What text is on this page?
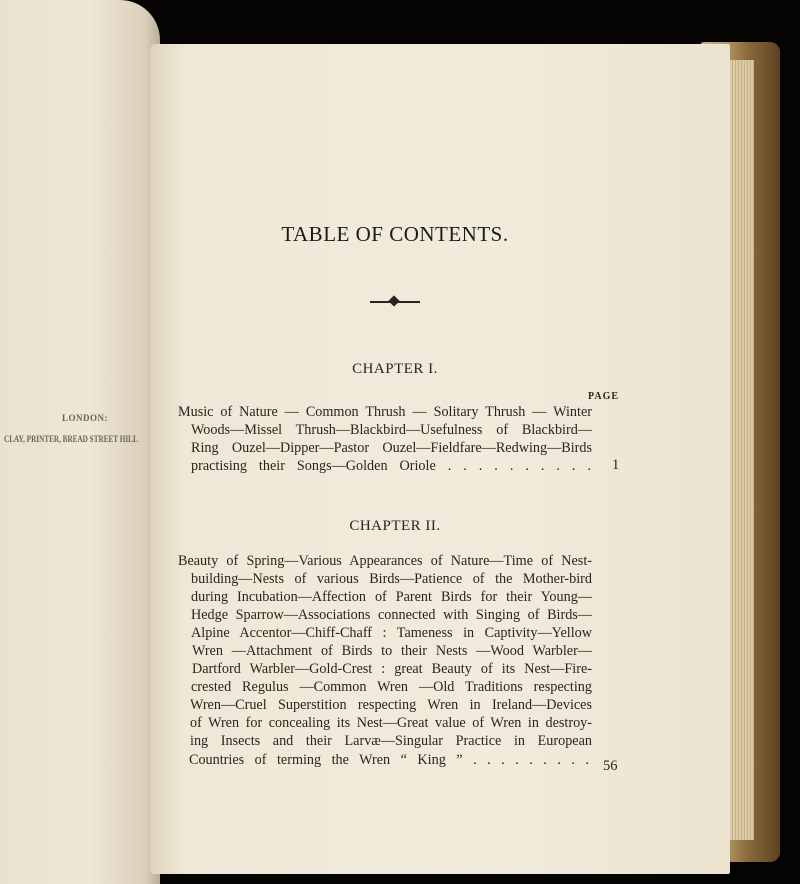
LONDON:
CLAY, PRINTER, BREAD STREET HILL
TABLE OF CONTENTS.
CHAPTER I.
PAGE
Music of Nature — Common Thrush — Solitary Thrush — Winter
Woods—Missel Thrush—Blackbird—Usefulness of Blackbird—
Ring Ouzel—Dipper—Pastor Ouzel—Fieldfare—Redwing—Birds
practising their Songs—Golden Oriole . . . . . . . . . . 1
CHAPTER II.
Beauty of Spring—Various Appearances of Nature—Time of Nest-
building—Nests of various Birds—Patience of the Mother-bird
during Incubation—Affection of Parent Birds for their Young—
Hedge Sparrow—Associations connected with Singing of Birds—
Alpine Accentor—Chiff-Chaff : Tameness in Captivity—Yellow
Wren —Attachment of Birds to their Nests —Wood Warbler—
Dartford Warbler—Gold-Crest : great Beauty of its Nest—Fire-
crested Regulus —Common Wren —Old Traditions respecting
Wren—Cruel Superstition respecting Wren in Ireland—Devices
of Wren for concealing its Nest—Great value of Wren in destroy-
ing Insects and their Larvæ—Singular Practice in European
Countries of terming the Wren “ King ” . . . . . . . . . 56
